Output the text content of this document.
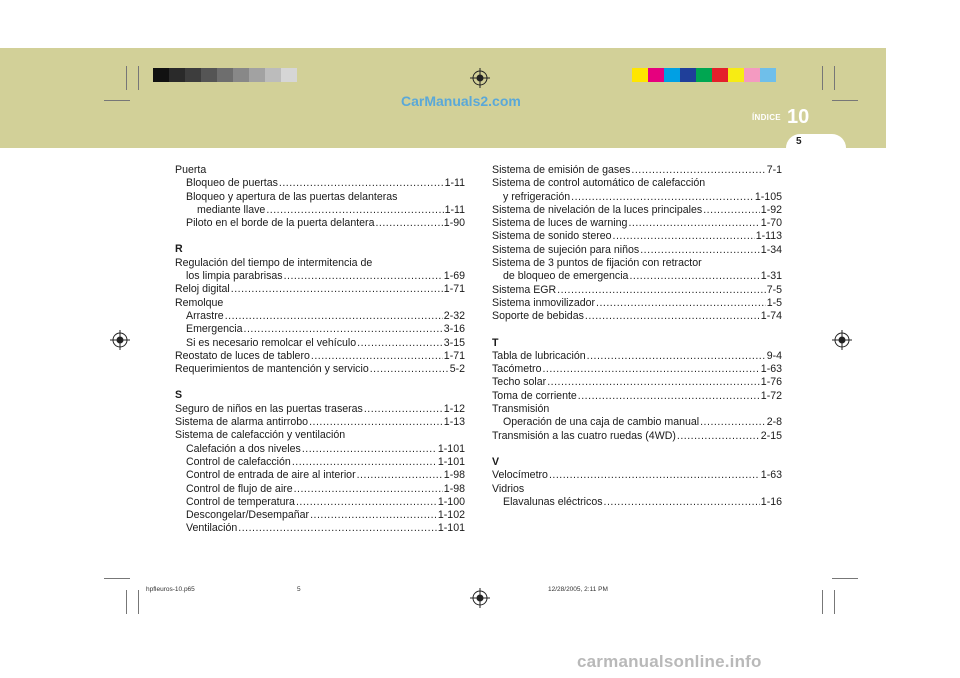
ÍNDICE 10
5
CarManuals2.com
Puerta
Bloqueo de puertas .....	1-11
Bloqueo y apertura de las puertas delanteras
mediante llave .....	1-11
Piloto en el borde de la puerta delantera .....	1-90
R
Regulación del tiempo de intermitencia de
los limpia parabrisas .....	1-69
Reloj digital .....	1-71
Remolque
Arrastre .....	2-32
Emergencia .....	3-16
Si es necesario remolcar el vehículo .....	3-15
Reostato de luces de tablero .....	1-71
Requerimientos de mantención y servicio .....	5-2
S
Seguro de niños en las puertas traseras .....	1-12
Sistema de alarma antirrobo .....	1-13
Sistema de calefacción y ventilación
Calefación a dos niveles .....	1-101
Control de calefacción .....	1-101
Control de entrada de aire al interior .....	1-98
Control de flujo de aire .....	1-98
Control de temperatura .....	1-100
Descongelar/Desempañar .....	1-102
Ventilación .....	1-101
Sistema de emisión de gases .....	7-1
Sistema de control automático de calefacción
y refrigeración .....	1-105
Sistema de nivelación de la luces principales .....	1-92
Sistema de luces de warning .....	1-70
Sistema de sonido stereo .....	1-113
Sistema de sujeción para niños .....	1-34
Sistema de 3 puntos de fijación con retractor
de bloqueo de emergencia .....	1-31
Sistema EGR .....	7-5
Sistema inmovilizador .....	1-5
Soporte de bebidas .....	1-74
T
Tabla de lubricación .....	9-4
Tacómetro .....	1-63
Techo solar .....	1-76
Toma de corriente .....	1-72
Transmisión
Operación de una caja de cambio manual .....	2-8
Transmisión a las cuatro ruedas (4WD) .....	2-15
V
Velocímetro .....	1-63
Vidrios
Elavalunas eléctricos .....	1-16
hpfleuros-10.p65	5	12/28/2005, 2:11 PM
carmanualsonline.info
